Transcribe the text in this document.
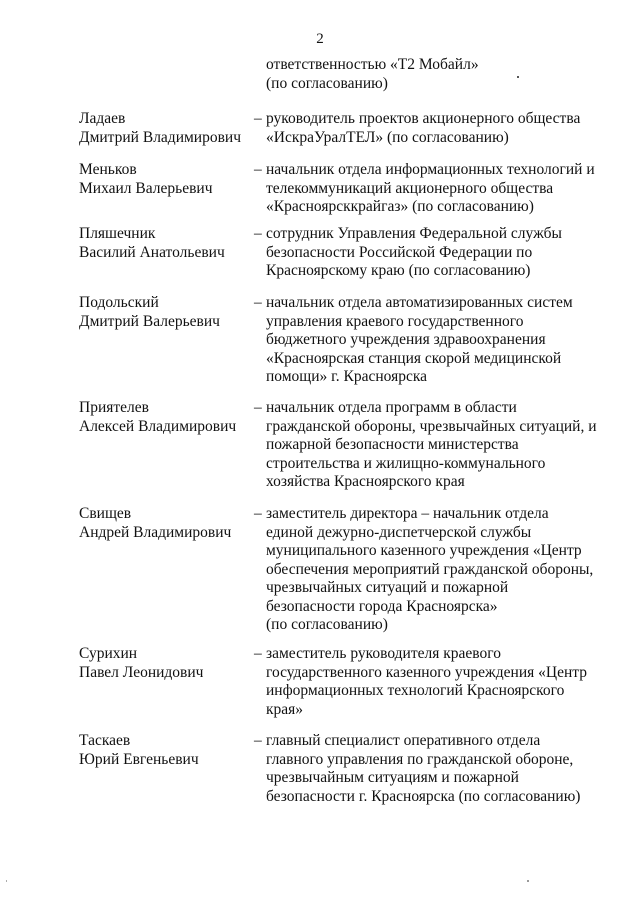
2
ответственностью «Т2 Мобайл»
(по согласованию)
Ладаев
Дмитрий Владимирович
– руководитель проектов акционерного общества
«ИскраУралТЕЛ» (по согласованию)
Меньков
Михаил Валерьевич
– начальник отдела информационных технологий и
телекоммуникаций акционерного общества
«Красноярсккрайгаз» (по согласованию)
Пляшечник
Василий Анатольевич
– сотрудник Управления Федеральной службы
безопасности Российской Федерации по
Красноярскому краю (по согласованию)
Подольский
Дмитрий Валерьевич
– начальник отдела автоматизированных систем
управления краевого государственного
бюджетного учреждения здравоохранения
«Красноярская станция скорой медицинской
помощи» г. Красноярска
Приятелев
Алексей Владимирович
– начальник отдела программ в области
гражданской обороны, чрезвычайных ситуаций, и
пожарной безопасности министерства
строительства и жилищно-коммунального
хозяйства Красноярского края
Свищев
Андрей Владимирович
– заместитель директора – начальник отдела
единой дежурно-диспетчерской службы
муниципального казенного учреждения «Центр
обеспечения мероприятий гражданской обороны,
чрезвычайных ситуаций и пожарной
безопасности города Красноярска»
(по согласованию)
Сурихин
Павел Леонидович
– заместитель руководителя краевого
государственного казенного учреждения «Центр
информационных технологий Красноярского
края»
Таскаев
Юрий Евгеньевич
– главный специалист оперативного отдела
главного управления по гражданской обороне,
чрезвычайным ситуациям и пожарной
безопасности г. Красноярска (по согласованию)
